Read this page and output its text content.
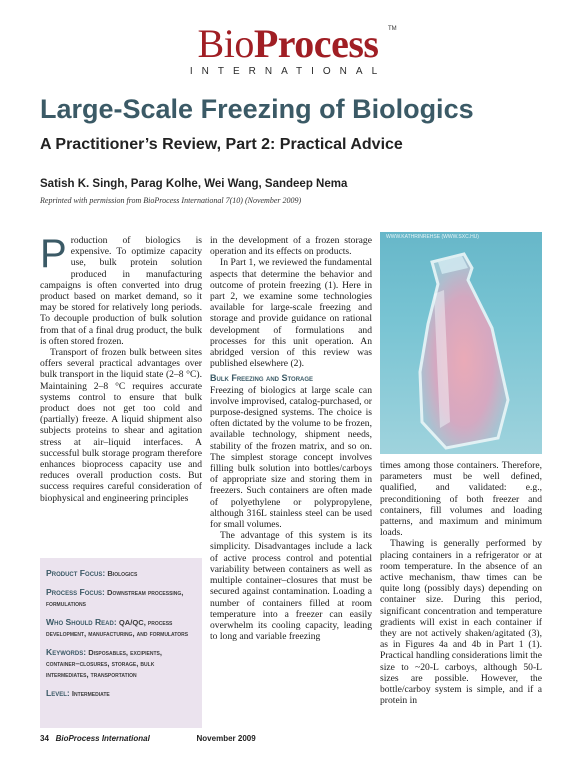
BioProcess	TM
INTERNATIONAL
Large-Scale Freezing of Biologics
A Practitioner’s Review, Part 2: Practical Advice
Satish K. Singh, Parag Kolhe, Wei Wang, Sandeep Nema
Reprinted with permission from BioProcess International 7(10) (November 2009)

Production of biologics is expensive. To optimize capacity use, bulk protein solution produced in manufacturing campaigns is often converted into drug product based on market demand, so it may be stored for relatively long periods. To decouple production of bulk solution from that of a final drug product, the bulk is often stored frozen.

Transport of frozen bulk between sites offers several practical advantages over bulk transport in the liquid state (2–8 °C). Maintaining 2–8 °C requires accurate systems control to ensure that bulk product does not get too cold and (partially) freeze. A liquid shipment also subjects proteins to shear and agitation stress at air–liquid interfaces. A successful bulk storage program therefore enhances bioprocess capacity use and reduces overall production costs. But success requires careful consideration of biophysical and engineering principles

in the development of a frozen storage operation and its effects on products.

In Part 1, we reviewed the fundamental aspects that determine the behavior and outcome of protein freezing (1). Here in part 2, we examine some technologies available for large-scale freezing and storage and provide guidance on rational development of formulations and processes for this unit operation. An abridged version of this review was published elsewhere (2).

Bulk Freezing and Storage

Freezing of biologics at large scale can involve improvised, catalog-purchased, or purpose-designed systems. The choice is often dictated by the volume to be frozen, available technology, shipment needs, stability of the frozen matrix, and so on. The simplest storage concept involves filling bulk solution into bottles/carboys of appropriate size and storing them in freezers. Such containers are often made of polyethylene or polypropylene, although 316L stainless steel can be used for small volumes.

The advantage of this system is its simplicity. Disadvantages include a lack of active process control and potential variability between containers as well as multiple container–closures that must be secured against contamination. Loading a number of containers filled at room temperature into a freezer can easily overwhelm its cooling capacity, leading to long and variable freezing

WWW.KATHRINREHSE (WWW.SXC.HU)

times among those containers. Therefore, parameters must be well defined, qualified, and validated: e.g., preconditioning of both freezer and containers, fill volumes and loading patterns, and maximum and minimum loads.

Thawing is generally performed by placing containers in a refrigerator or at room temperature. In the absence of an active mechanism, thaw times can be quite long (possibly days) depending on container size. During this period, significant concentration and temperature gradients will exist in each container if they are not actively shaken/agitated (3), as in Figures 4a and 4b in Part 1 (1). Practical handling considerations limit the size to ~20-L carboys, although 50-L sizes are possible. However, the bottle/carboy system is simple, and if a protein in

Product Focus: Biologics
Process Focus: Downstream processing, formulations
Who Should Read: QA/QC, process development, manufacturing, and formulators
Keywords: Disposables, excipients, container–closures, storage, bulk intermediates, transportation
Level: Intermediate
34 BioProcess International	November 2009
